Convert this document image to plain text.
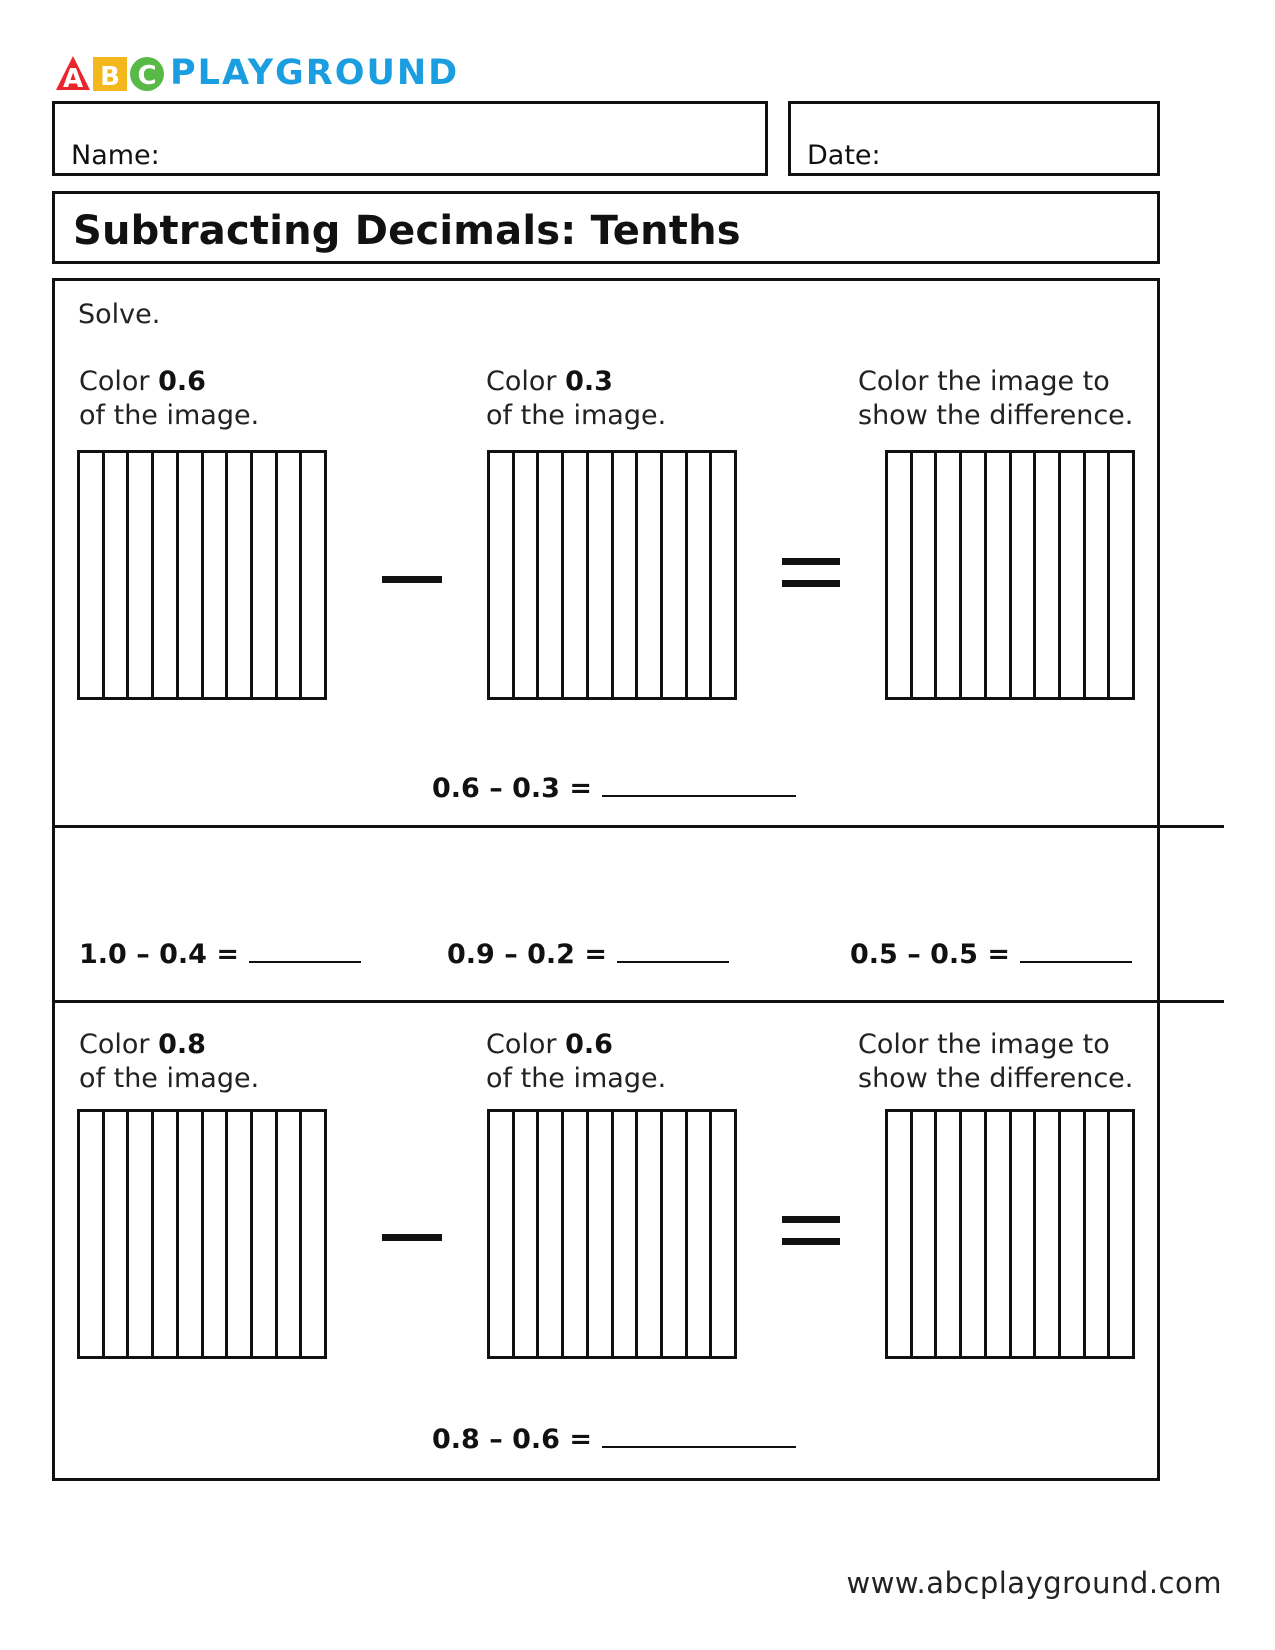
A B C PLAYGROUND
Name:	Date:
Subtracting Decimals: Tenths
Solve.
Color 0.6
of the image.
Color 0.3
of the image.
Color the image to
show the difference.
0.6 – 0.3 =
1.0 – 0.4 =	0.9 – 0.2 =	0.5 – 0.5 =
Color 0.8
of the image.
Color 0.6
of the image.
Color the image to
show the difference.
0.8 – 0.6 =
www.abcplayground.com
